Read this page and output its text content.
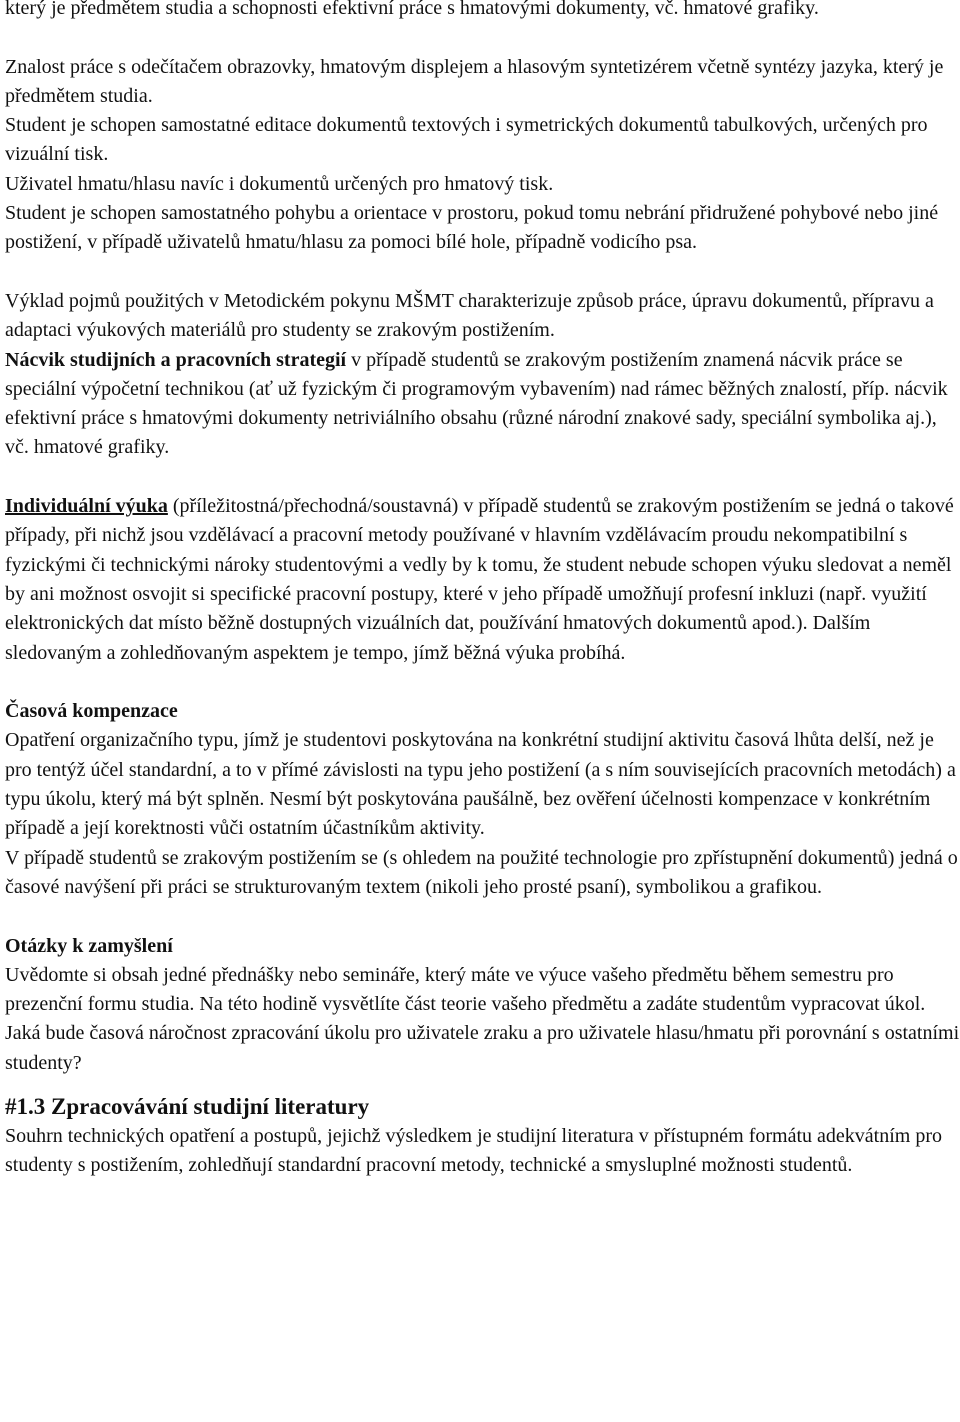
který je předmětem studia a schopnosti efektivní práce s hmatovými dokumenty, vč. hmatové grafiky.

Znalost práce s odečítačem obrazovky, hmatovým displejem a hlasovým syntetizérem včetně syntézy jazyka, který je předmětem studia.

Student je schopen samostatné editace dokumentů textových i symetrických dokumentů tabulkových, určených pro vizuální tisk.

Uživatel hmatu/hlasu navíc i dokumentů určených pro hmatový tisk.

Student je schopen samostatného pohybu a orientace v prostoru, pokud tomu nebrání přidružené pohybové nebo jiné postižení, v případě uživatelů hmatu/hlasu za pomoci bílé hole, případně vodicího psa.

Výklad pojmů použitých v Metodickém pokynu MŠMT charakterizuje způsob práce, úpravu dokumentů, přípravu a adaptaci výukových materiálů pro studenty se zrakovým postižením.

Nácvik studijních a pracovních strategií v případě studentů se zrakovým postižením znamená nácvik práce se speciální výpočetní technikou (ať už fyzickým či programovým vybavením) nad rámec běžných znalostí, příp. nácvik efektivní práce s hmatovými dokumenty netriviálního obsahu (různé národní znakové sady, speciální symbolika aj.), vč. hmatové grafiky.

Individuální výuka (příležitostná/přechodná/soustavná) v případě studentů se zrakovým postižením se jedná o takové případy, při nichž jsou vzdělávací a pracovní metody používané v hlavním vzdělávacím proudu nekompatibilní s fyzickými či technickými nároky studentovými a vedly by k tomu, že student nebude schopen výuku sledovat a neměl by ani možnost osvojit si specifické pracovní postupy, které v jeho případě umožňují profesní inkluzi (např. využití elektronických dat místo běžně dostupných vizuálních dat, používání hmatových dokumentů apod.). Dalším sledovaným a zohledňovaným aspektem je tempo, jímž běžná výuka probíhá.

Časová kompenzace

Opatření organizačního typu, jímž je studentovi poskytována na konkrétní studijní aktivitu časová lhůta delší, než je pro tentýž účel standardní, a to v přímé závislosti na typu jeho postižení (a s ním souvisejících pracovních metodách) a typu úkolu, který má být splněn. Nesmí být poskytována paušálně, bez ověření účelnosti kompenzace v konkrétním případě a její korektnosti vůči ostatním účastníkům aktivity.

V případě studentů se zrakovým postižením se (s ohledem na použité technologie pro zpřístupnění dokumentů) jedná o časové navýšení při práci se strukturovaným textem (nikoli jeho prosté psaní), symbolikou a grafikou.

Otázky k zamyšlení

Uvědomte si obsah jedné přednášky nebo semináře, který máte ve výuce vašeho předmětu během semestru pro prezenční formu studia. Na této hodině vysvětlíte část teorie vašeho předmětu a zadáte studentům vypracovat úkol. Jaká bude časová náročnost zpracování úkolu pro uživatele zraku a pro uživatele hlasu/hmatu při porovnání s ostatními studenty?

#1.3 Zpracovávání studijní literatury

Souhrn technických opatření a postupů, jejichž výsledkem je studijní literatura v přístupném formátu adekvátním pro studenty s postižením, zohledňují standardní pracovní metody, technické a smysluplné možnosti studentů.
